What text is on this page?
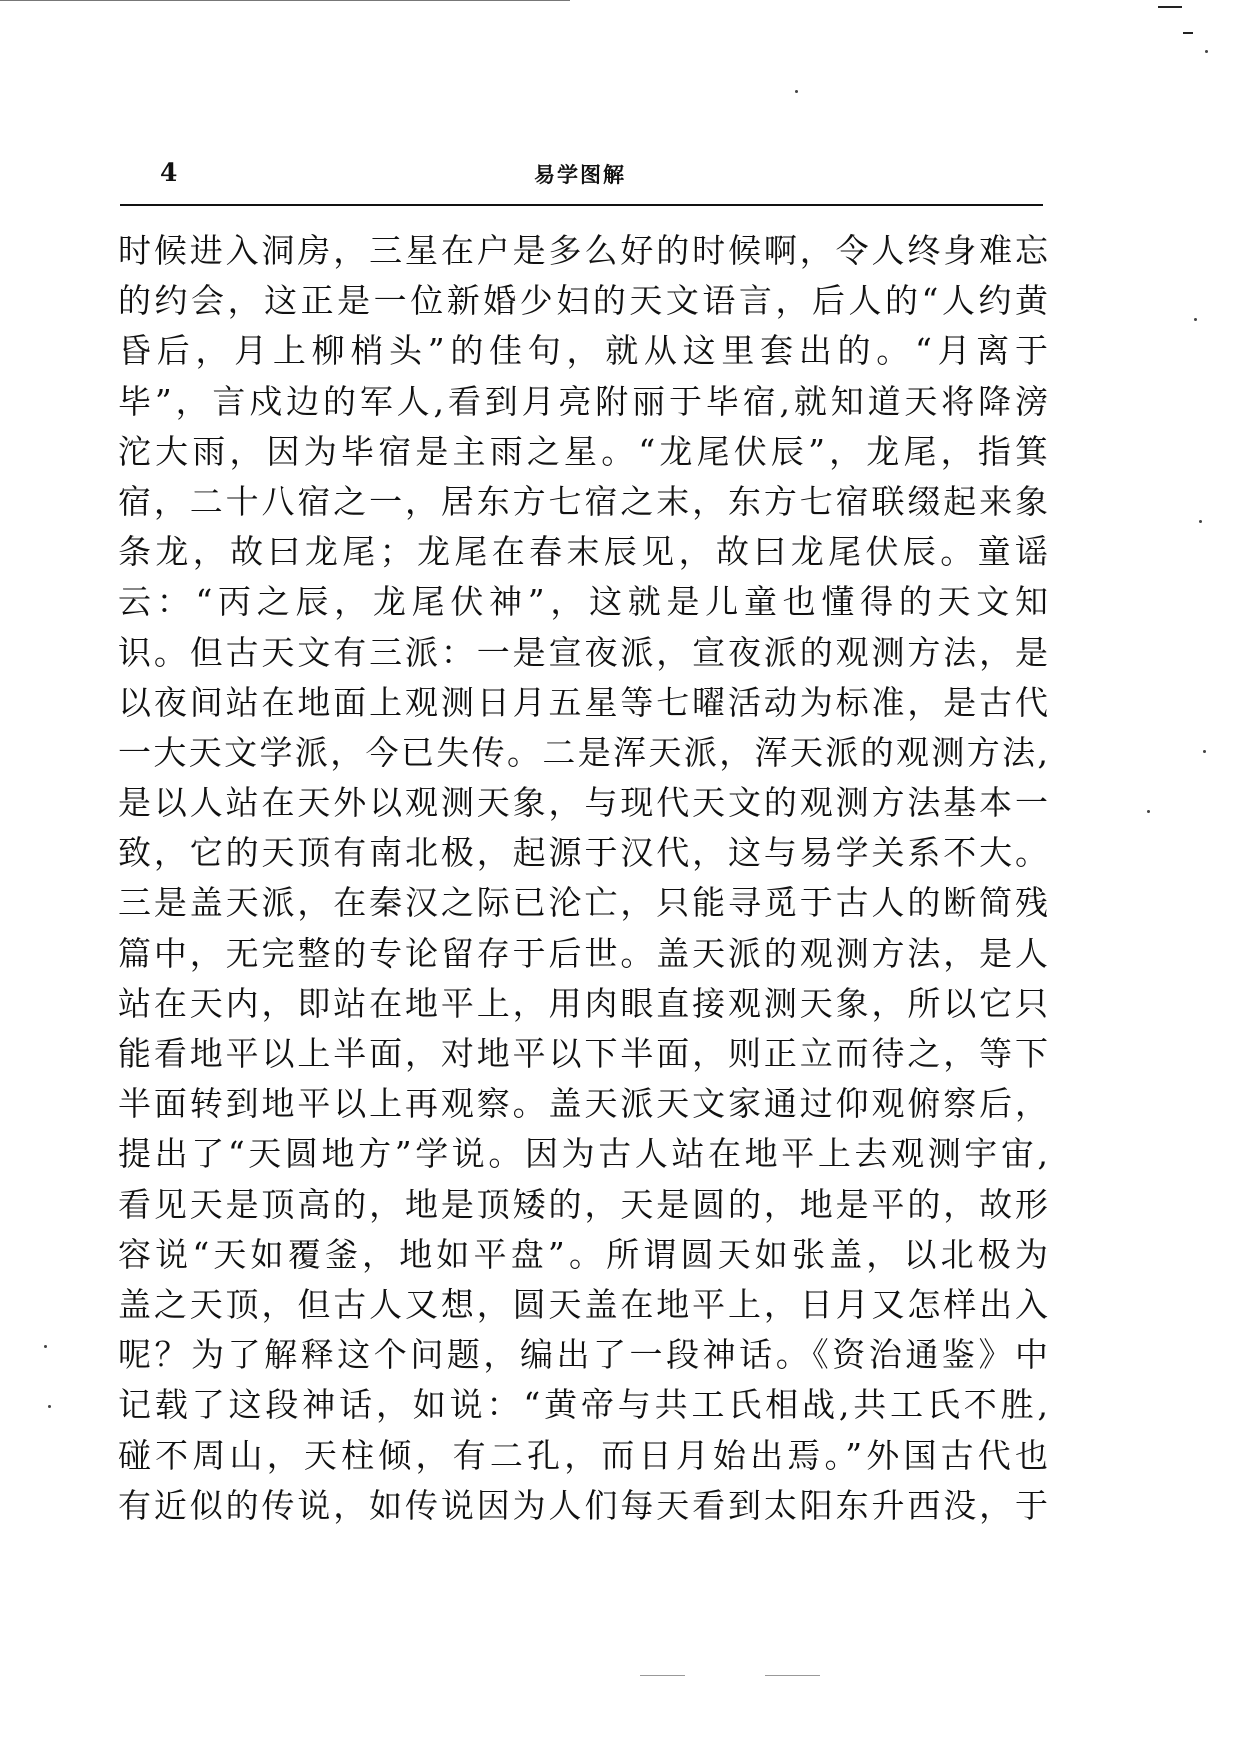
4	易学图解
时候进入洞房，三星在户是多么好的时候啊，令人终身难忘
的约会，这正是一位新婚少妇的天文语言，后人的“人约黄
昏后，月上柳梢头”的佳句，就从这里套出的。“月离于
毕”，言戍边的军人,看到月亮附丽于毕宿,就知道天将降滂
沱大雨，因为毕宿是主雨之星。“龙尾伏辰”，龙尾，指箕
宿，二十八宿之一，居东方七宿之末，东方七宿联缀起来象
条龙，故曰龙尾；龙尾在春末辰见，故曰龙尾伏辰。童谣
云：“丙之辰，龙尾伏神”，这就是儿童也懂得的天文知
识。但古天文有三派：一是宣夜派，宣夜派的观测方法，是
以夜间站在地面上观测日月五星等七曜活动为标准，是古代
一大天文学派，今已失传。二是浑天派，浑天派的观测方法,
是以人站在天外以观测天象，与现代天文的观测方法基本一
致，它的天顶有南北极，起源于汉代，这与易学关系不大。
三是盖天派，在秦汉之际已沦亡，只能寻觅于古人的断简残
篇中，无完整的专论留存于后世。盖天派的观测方法，是人
站在天内，即站在地平上，用肉眼直接观测天象，所以它只
能看地平以上半面，对地平以下半面，则正立而待之，等下
半面转到地平以上再观察。盖天派天文家通过仰观俯察后，
提出了“天圆地方”学说。因为古人站在地平上去观测宇宙,
看见天是顶高的，地是顶矮的，天是圆的，地是平的，故形
容说“天如覆釜，地如平盘”。所谓圆天如张盖，以北极为
盖之天顶，但古人又想，圆天盖在地平上，日月又怎样出入
呢？为了解释这个问题，编出了一段神话。《资治通鉴》中
记载了这段神话，如说：“黄帝与共工氏相战,共工氏不胜,
碰不周山，天柱倾，有二孔，而日月始出焉。”外国古代也
有近似的传说，如传说因为人们每天看到太阳东升西没，于
